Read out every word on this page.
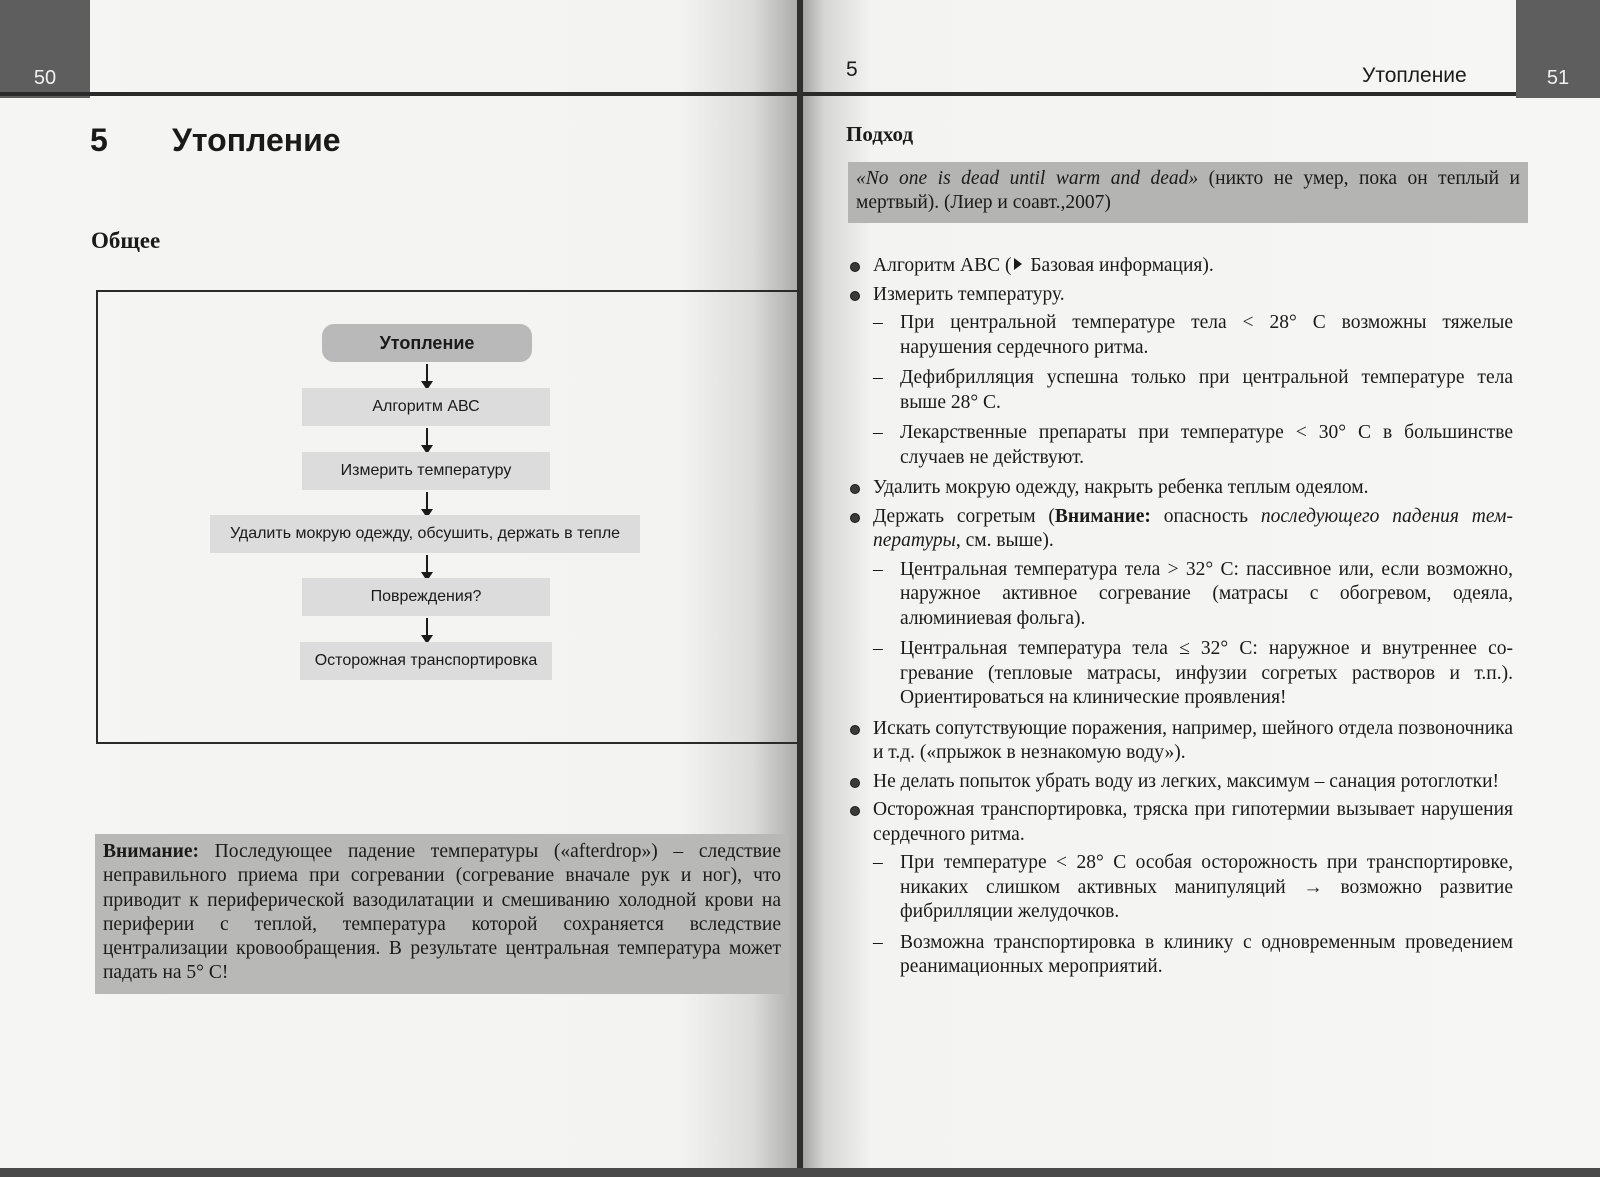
50
5 Утопление
Общее
Утопление
Алгоритм АВС
Измерить температуру
Удалить мокрую одежду, обсушить, держать в тепле
Повреждения?
Осторожная транспортировка
Внимание: Последующее падение температуры («afterdrop») – следствие неправильного приема при согревании (согревание вначале рук и ног), что приводит к периферической вазодилатации и смешиванию холодной крови на периферии с теплой, температура которой сохраняется вследствие централизации кровообращения. В результате центральная температура может падать на 5° С!
5	Утопление	51
Подход
«No one is dead until warm and dead» (никто не умер, пока он теплый и мертвый). (Лиер и соавт.,2007)
Алгоритм АВС ( Базовая информация).
Измерить температуру.
– При центральной температуре тела < 28° С возможны тяжелые нарушения сердечного ритма.
– Дефибрилляция успешна только при центральной температуре тела выше 28° С.
– Лекарственные препараты при температуре < 30° С в большинстве случаев не действуют.
Удалить мокрую одежду, накрыть ребенка теплым одеялом.
Держать согретым (Внимание: опасность последующего падения температуры, см. выше).
– Центральная температура тела > 32° С: пассивное или, если возможно, наружное активное согревание (матрасы с обогревом, одеяла, алюминиевая фольга).
– Центральная температура тела ≤ 32° С: наружное и внутреннее согревание (тепловые матрасы, инфузии согретых растворов и т.п.). Ориентироваться на клинические проявления!
Искать сопутствующие поражения, например, шейного отдела позвоночника и т.д. («прыжок в незнакомую воду»).
Не делать попыток убрать воду из легких, максимум – санация ротоглотки!
Осторожная транспортировка, тряска при гипотермии вызывает нарушения сердечного ритма.
– При температуре < 28° С особая осторожность при транспортировке, никаких слишком активных манипуляций → возможно развитие фибрилляции желудочков.
– Возможна транспортировка в клинику с одновременным проведением реанимационных мероприятий.
